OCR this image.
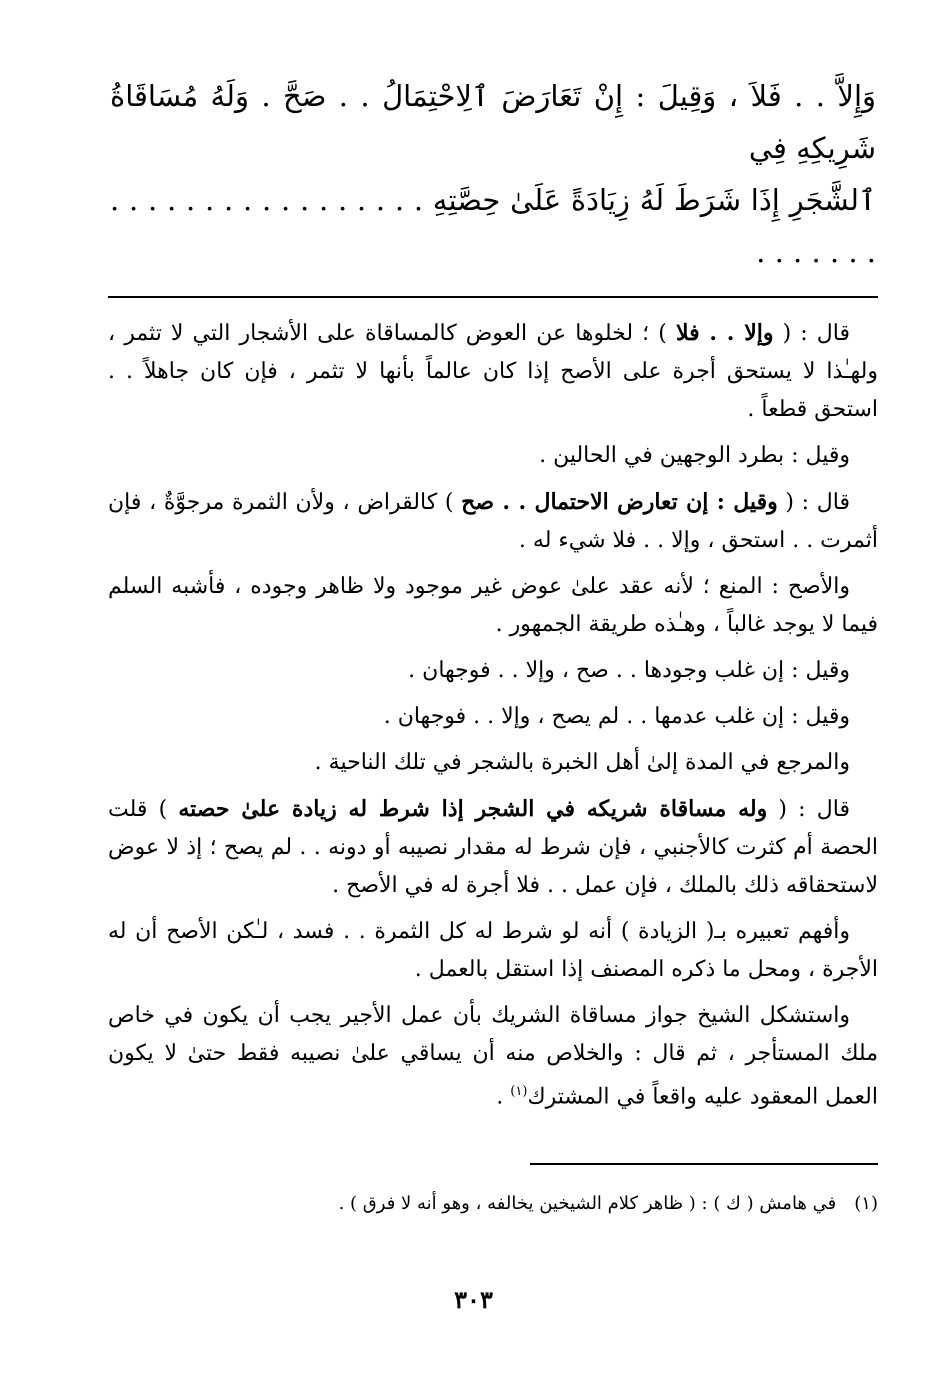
وَإِلاَّ . . فَلاَ ، وَقِيلَ : إِنْ تَعَارَضَ ٱلِاحْتِمَالُ . . صَحَّ . وَلَهُ مُسَاقَاةُ شَرِيكِهِ فِي
ٱلشَّجَرِ إِذَا شَرَطَ لَهُ زِيَادَةً عَلَىٰ حِصَّتِهِ . . . . . . . . . . . . . . . . . . . . . . . .

قال : ( وإلا . . فلا ) ؛ لخلوها عن العوض كالمساقاة على الأشجار التي لا تثمر ، ولهـٰذا لا يستحق أجرة على الأصح إذا كان عالماً بأنها لا تثمر ، فإن كان جاهلاً . . استحق قطعاً .

وقيل : بطرد الوجهين في الحالين .

قال : ( وقيل : إن تعارض الاحتمال . . صح ) كالقراض ، ولأن الثمرة مرجوَّةٌ ، فإن أثمرت . . استحق ، وإلا . . فلا شيء له .

والأصح : المنع ؛ لأنه عقد علىٰ عوض غير موجود ولا ظاهر وجوده ، فأشبه السلم فيما لا يوجد غالباً ، وهـٰذه طريقة الجمهور .

وقيل : إن غلب وجودها . . صح ، وإلا . . فوجهان .

وقيل : إن غلب عدمها . . لم يصح ، وإلا . . فوجهان .

والمرجع في المدة إلىٰ أهل الخبرة بالشجر في تلك الناحية .

قال : ( وله مساقاة شريكه في الشجر إذا شرط له زيادة علىٰ حصته ) قلت الحصة أم كثرت كالأجنبي ، فإن شرط له مقدار نصيبه أو دونه . . لم يصح ؛ إذ لا عوض لاستحقاقه ذلك بالملك ، فإن عمل . . فلا أجرة له في الأصح .

وأفهم تعبيره بـ( الزيادة ) أنه لو شرط له كل الثمرة . . فسد ، لـٰكن الأصح أن له الأجرة ، ومحل ما ذكره المصنف إذا استقل بالعمل .

واستشكل الشيخ جواز مساقاة الشريك بأن عمل الأجير يجب أن يكون في خاص ملك المستأجر ، ثم قال : والخلاص منه أن يساقي علىٰ نصيبه فقط حتىٰ لا يكون العمل المعقود عليه واقعاً في المشترك$^{(١)}$ .

(١)في هامش ( ك ) : ( ظاهر كلام الشيخين يخالفه ، وهو أنه لا فرق ) .
٣٠٣
